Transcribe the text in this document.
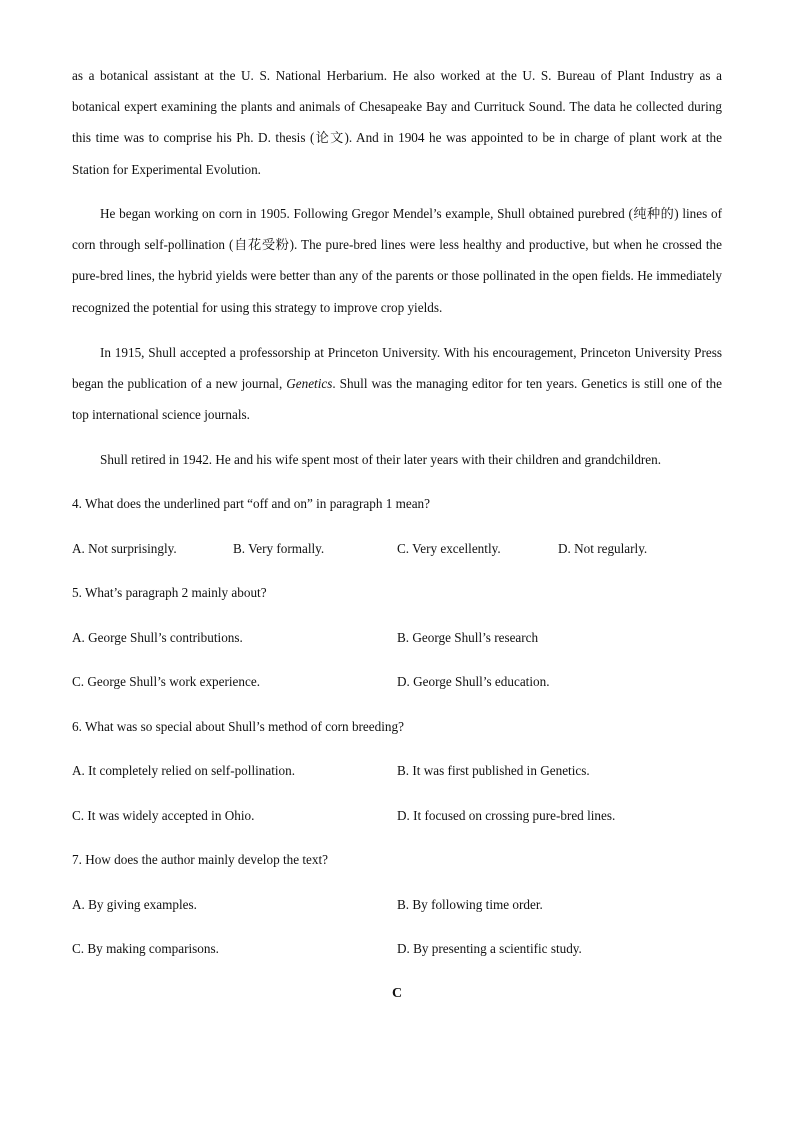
as a botanical assistant at the U. S. National Herbarium. He also worked at the U. S. Bureau of Plant Industry as a botanical expert examining the plants and animals of Chesapeake Bay and Currituck Sound. The data he collected during this time was to comprise his Ph. D. thesis (论文). And in 1904 he was appointed to be in charge of plant work at the Station for Experimental Evolution.

He began working on corn in 1905. Following Gregor Mendel’s example, Shull obtained purebred (纯种的) lines of corn through self-pollination (自花受粉). The pure-bred lines were less healthy and productive, but when he crossed the pure-bred lines, the hybrid yields were better than any of the parents or those pollinated in the open fields. He immediately recognized the potential for using this strategy to improve crop yields.

In 1915, Shull accepted a professorship at Princeton University. With his encouragement, Princeton University Press began the publication of a new journal, Genetics. Shull was the managing editor for ten years. Genetics is still one of the top international science journals.

Shull retired in 1942. He and his wife spent most of their later years with their children and grandchildren.

4. What does the underlined part “off and on” in paragraph 1 mean?
A. Not surprisingly.	B. Very formally.	C. Very excellently.	D. Not regularly.
5. What’s paragraph 2 mainly about?
A. George Shull’s contributions.	B. George Shull’s research
C. George Shull’s work experience.	D. George Shull’s education.
6. What was so special about Shull’s method of corn breeding?
A. It completely relied on self-pollination.	B. It was first published in Genetics.
C. It was widely accepted in Ohio.	D. It focused on crossing pure-bred lines.
7. How does the author mainly develop the text?
A. By giving examples.	B. By following time order.
C. By making comparisons.	D. By presenting a scientific study.
C
